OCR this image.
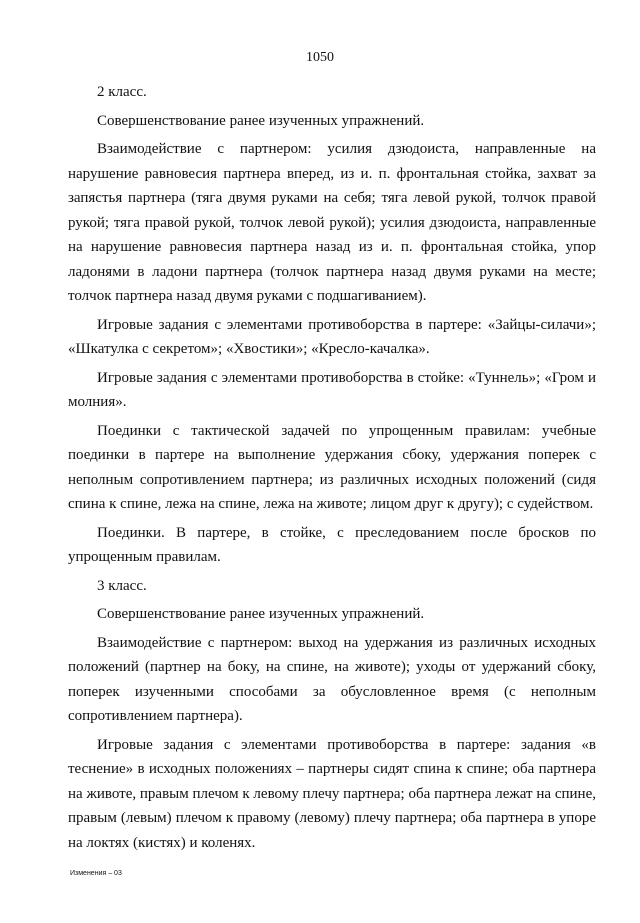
1050

2 класс.

Совершенствование ранее изученных упражнений.

Взаимодействие с партнером: усилия дзюдоиста, направленные на нарушение равновесия партнера вперед, из и. п. фронтальная стойка, захват за запястья партнера (тяга двумя руками на себя; тяга левой рукой, толчок правой рукой; тяга правой рукой, толчок левой рукой); усилия дзюдоиста, направленные на нарушение равновесия партнера назад из и. п. фронтальная стойка, упор ладонями в ладони партнера (толчок партнера назад двумя руками на месте; толчок партнера назад двумя руками с подшагиванием).

Игровые задания с элементами противоборства в партере: «Зайцы-силачи»; «Шкатулка с секретом»; «Хвостики»; «Кресло-качалка».

Игровые задания с элементами противоборства в стойке: «Туннель»; «Гром и молния».

Поединки с тактической задачей по упрощенным правилам: учебные поединки в партере на выполнение удержания сбоку, удержания поперек с неполным сопротивлением партнера; из различных исходных положений (сидя спина к спине, лежа на спине, лежа на животе; лицом друг к другу); с судейством.

Поединки. В партере, в стойке, с преследованием после бросков по упрощенным правилам.

3 класс.

Совершенствование ранее изученных упражнений.

Взаимодействие с партнером: выход на удержания из различных исходных положений (партнер на боку, на спине, на животе); уходы от удержаний сбоку, поперек изученными способами за обусловленное время (с неполным сопротивлением партнера).

Игровые задания с элементами противоборства в партере: задания «в теснение» в исходных положениях – партнеры сидят спина к спине; оба партнера на животе, правым плечом к левому плечу партнера; оба партнера лежат на спине, правым (левым) плечом к правому (левому) плечу партнера; оба партнера в упоре на локтях (кистях) и коленях.

Изменения – 03
